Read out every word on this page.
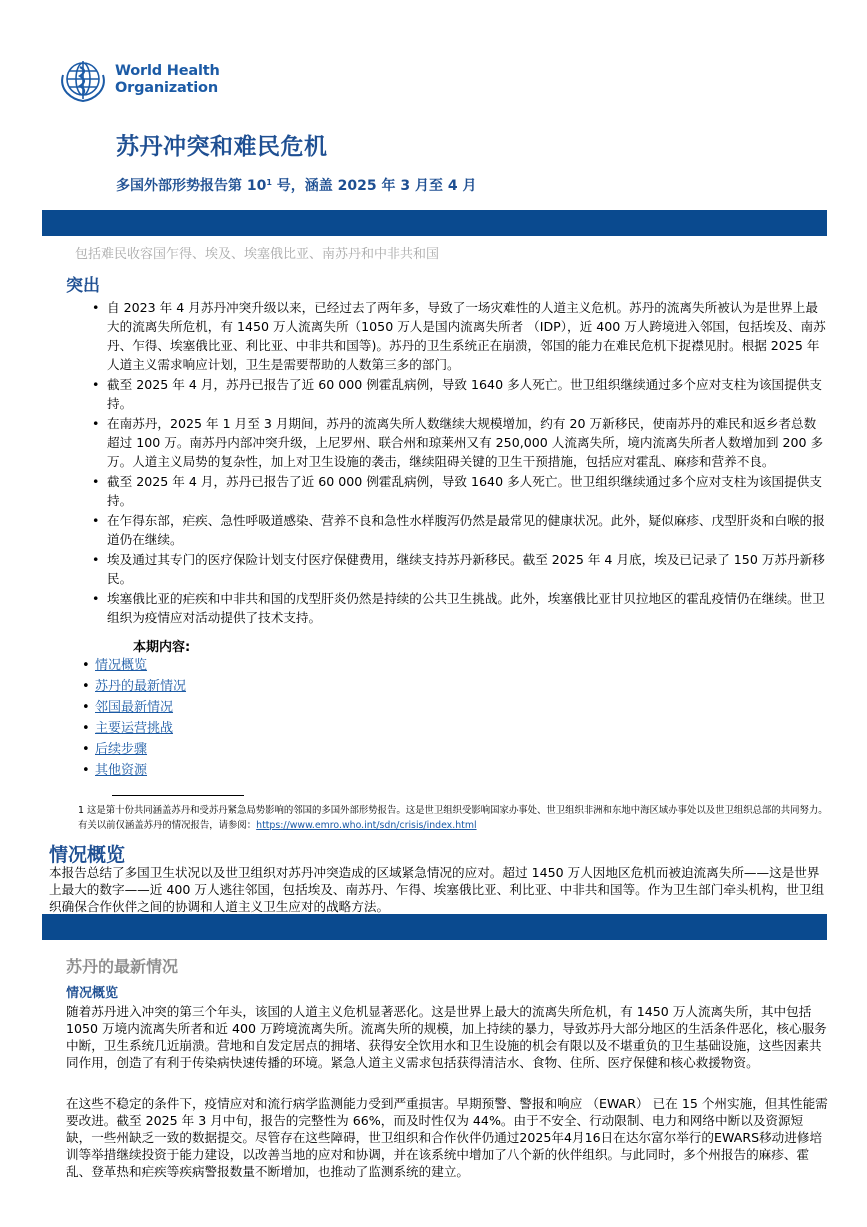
World Health
Organization
苏丹冲突和难民危机

多国外部形势报告第 $10^1$ 号，涵盖 2025 年 3 月至 4 月

包括难民收容国乍得、埃及、埃塞俄比亚、南苏丹和中非共和国

突出
• 自 2023 年 4 月苏丹冲突升级以来，已经过去了两年多，导致了一场灾难性的人道主义危机。苏丹的流离失所被认为是世界上最大的流离失所危机，有 1450 万人流离失所（1050 万人是国内流离失所者 （IDP），近 400 万人跨境进入邻国，包括埃及、南苏丹、乍得、埃塞俄比亚、利比亚、中非共和国等)。苏丹的卫生系统正在崩溃，邻国的能力在难民危机下捉襟见肘。根据 2025 年人道主义需求响应计划，卫生是需要帮助的人数第三多的部门。
• 截至 2025 年 4 月，苏丹已报告了近 60 000 例霍乱病例，导致 1640 多人死亡。世卫组织继续通过多个应对支柱为该国提供支持。
• 在南苏丹，2025 年 1 月至 3 月期间，苏丹的流离失所人数继续大规模增加，约有 20 万新移民，使南苏丹的难民和返乡者总数超过 100 万。南苏丹内部冲突升级，上尼罗州、联合州和琼莱州又有 250,000 人流离失所，境内流离失所者人数增加到 200 多万。人道主义局势的复杂性，加上对卫生设施的袭击，继续阻碍关键的卫生干预措施，包括应对霍乱、麻疹和营养不良。
• 截至 2025 年 4 月，苏丹已报告了近 60 000 例霍乱病例，导致 1640 多人死亡。世卫组织继续通过多个应对支柱为该国提供支持。
• 在乍得东部，疟疾、急性呼吸道感染、营养不良和急性水样腹泻仍然是最常见的健康状况。此外，疑似麻疹、戊型肝炎和白喉的报道仍在继续。
• 埃及通过其专门的医疗保险计划支付医疗保健费用，继续支持苏丹新移民。截至 2025 年 4 月底，埃及已记录了 150 万苏丹新移民。
• 埃塞俄比亚的疟疾和中非共和国的戊型肝炎仍然是持续的公共卫生挑战。此外，埃塞俄比亚甘贝拉地区的霍乱疫情仍在继续。世卫组织为疫情应对活动提供了技术支持。

本期内容:

• 情况概览
• 苏丹的最新情况
• 邻国最新情况
• 主要运营挑战
• 后续步骤
• 其他资源

1 这是第十份共同涵盖苏丹和受苏丹紧急局势影响的邻国的多国外部形势报告。这是世卫组织受影响国家办事处、世卫组织非洲和东地中海区域办事处以及世卫组织总部的共同努力。有关以前仅涵盖苏丹的情况报告，请参阅：https://www.emro.who.int/sdn/crisis/index.html

情况概览

本报告总结了多国卫生状况以及世卫组织对苏丹冲突造成的区域紧急情况的应对。超过 1450 万人因地区危机而被迫流离失所——这是世界上最大的数字——近 400 万人逃往邻国，包括埃及、南苏丹、乍得、埃塞俄比亚、利比亚、中非共和国等。作为卫生部门牵头机构，世卫组织确保合作伙伴之间的协调和人道主义卫生应对的战略方法。

苏丹的最新情况
情况概览

随着苏丹进入冲突的第三个年头，该国的人道主义危机显著恶化。这是世界上最大的流离失所危机，有 1450 万人流离失所，其中包括 1050 万境内流离失所者和近 400 万跨境流离失所。流离失所的规模，加上持续的暴力，导致苏丹大部分地区的生活条件恶化，核心服务中断，卫生系统几近崩溃。营地和自发定居点的拥堵、获得安全饮用水和卫生设施的机会有限以及不堪重负的卫生基础设施，这些因素共同作用，创造了有利于传染病快速传播的环境。紧急人道主义需求包括获得清洁水、食物、住所、医疗保健和核心救援物资。

在这些不稳定的条件下，疫情应对和流行病学监测能力受到严重损害。早期预警、警报和响应 （EWAR） 已在 15 个州实施，但其性能需要改进。截至 2025 年 3 月中旬，报告的完整性为 66%，而及时性仅为 44%。由于不安全、行动限制、电力和网络中断以及资源短缺，一些州缺乏一致的数据提交。尽管存在这些障碍，世卫组织和合作伙伴仍通过2025年4月16日在达尔富尔举行的EWARS移动进修培训等举措继续投资于能力建设，以改善当地的应对和协调，并在该系统中增加了八个新的伙伴组织。与此同时，多个州报告的麻疹、霍乱、登革热和疟疾等疾病警报数量不断增加，也推动了监测系统的建立。
